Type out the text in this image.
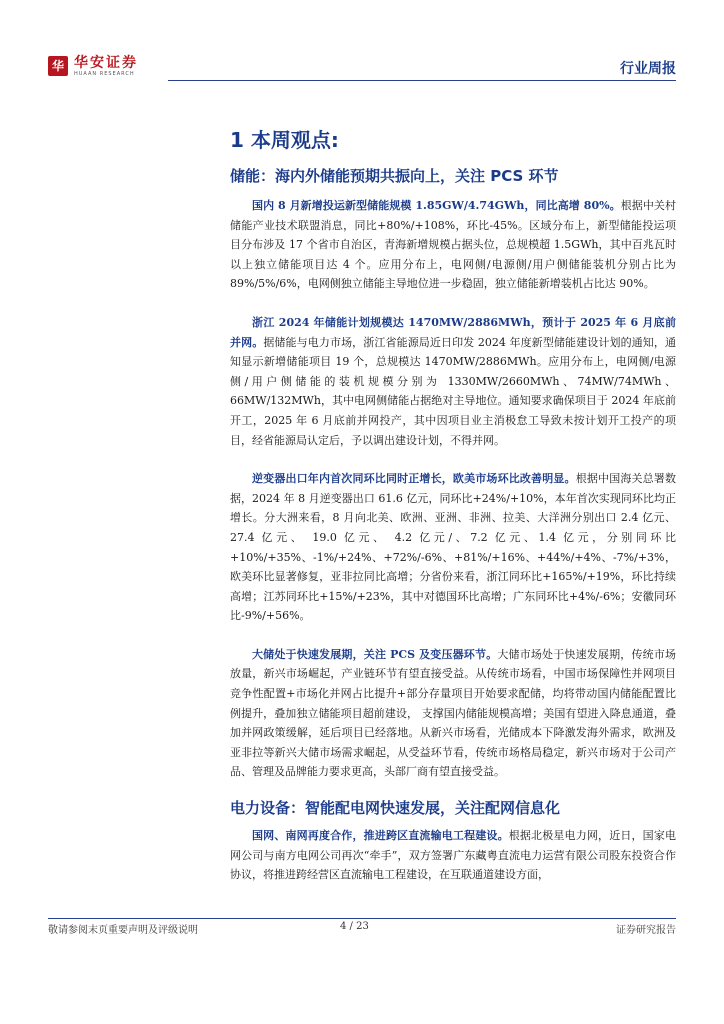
华 华安证券
HUAAN RESEARCH	行业周报
1 本周观点:
储能：海内外储能预期共振向上，关注 PCS 环节

国内 8 月新增投运新型储能规模 1.85GW/4.74GWh，同比高增 80%。根据中关村储能产业技术联盟消息，同比+80%/+108%，环比-45%。区域分布上，新型储能投运项目分布涉及 17 个省市自治区，青海新增规模占据头位，总规模超 1.5GWh，其中百兆瓦时以上独立储能项目达 4 个。应用分布上，电网侧/电源侧/用户侧储能装机分别占比为 89%/5%/6%，电网侧独立储能主导地位进一步稳固，独立储能新增装机占比达 90%。

浙江 2024 年储能计划规模达 1470MW/2886MWh，预计于 2025 年 6 月底前并网。据储能与电力市场，浙江省能源局近日印发 2024 年度新型储能建设计划的通知，通知显示新增储能项目 19 个，总规模达 1470MW/2886MWh。应用分布上，电网侧/电源侧/用户侧储能的装机规模分别为 1330MW/2660MWh、74MW/74MWh、66MW/132MWh，其中电网侧储能占据绝对主导地位。通知要求确保项目于 2024 年底前开工，2025 年 6 月底前并网投产，其中因项目业主消极怠工导致未按计划开工投产的项目，经省能源局认定后，予以调出建设计划，不得并网。

逆变器出口年内首次同环比同时正增长，欧美市场环比改善明显。根据中国海关总署数据，2024 年 8 月逆变器出口 61.6 亿元，同环比+24%/+10%，本年首次实现同环比均正增长。分大洲来看，8 月向北美、欧洲、亚洲、非洲、拉美、大洋洲分别出口 2.4 亿元、 27.4 亿元、 19.0 亿元、 4.2 亿元/、7.2 亿元、1.4 亿元，分别同环比+10%/+35%、-1%/+24%、+72%/-6%、+81%/+16%、+44%/+4%、-7%/+3%，欧美环比显著修复，亚非拉同比高增；分省份来看，浙江同环比+165%/+19%，环比持续高增；江苏同环比+15%/+23%，其中对德国环比高增；广东同环比+4%/-6%；安徽同环比-9%/+56%。

大储处于快速发展期，关注 PCS 及变压器环节。大储市场处于快速发展期，传统市场放量，新兴市场崛起，产业链环节有望直接受益。从传统市场看，中国市场保障性并网项目竞争性配置+市场化并网占比提升+部分存量项目开始要求配储，均将带动国内储能配置比例提升，叠加独立储能项目超前建设， 支撑国内储能规模高增；美国有望进入降息通道，叠加并网政策缓解，延后项目已经落地。从新兴市场看，光储成本下降激发海外需求，欧洲及亚非拉等新兴大储市场需求崛起，从受益环节看，传统市场格局稳定，新兴市场对于公司产品、管理及品牌能力要求更高，头部厂商有望直接受益。

电力设备：智能配电网快速发展，关注配网信息化

国网、南网再度合作，推进跨区直流输电工程建设。根据北极星电力网，近日，国家电网公司与南方电网公司再次“牵手”，双方签署广东藏粤直流电力运营有限公司股东投资合作协议，将推进跨经营区直流输电工程建设，在互联通道建设方面，

敬请参阅末页重要声明及评级说明	4 / 23	证券研究报告
